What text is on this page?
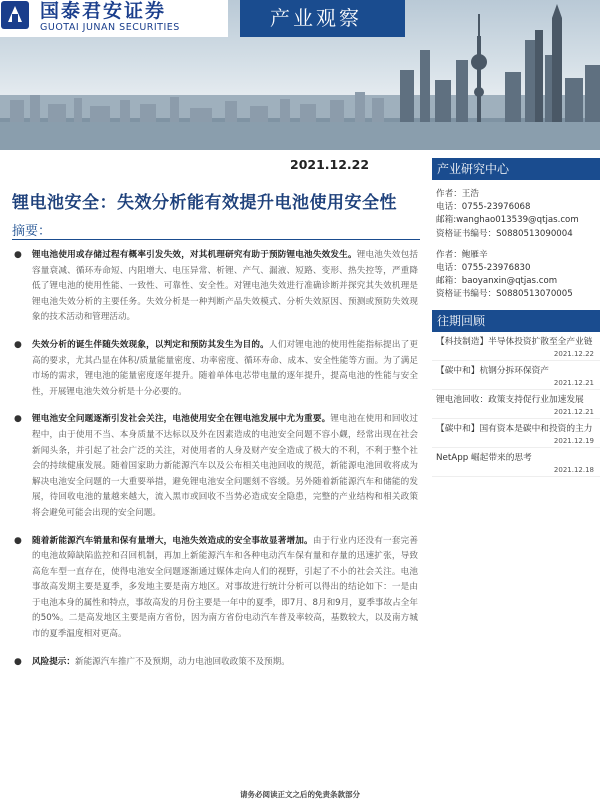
国泰君安证券
GUOTAI JUNAN SECURITIES	产业观察
2021.12.22
锂电池安全：失效分析能有效提升电池使用安全性
摘要：
● 锂电池使用或存储过程有概率引发失效，对其机理研究有助于预防锂电池失效发生。锂电池失效包括容量衰减、循环寿命短、内阻增大、电压异常、析锂、产气、漏液、短路、变形、热失控等，严重降低了锂电池的使用性能、一致性、可靠性、安全性。对锂电池失效进行准确诊断并探究其失效机理是锂电池失效分析的主要任务。失效分析是一种判断产品失效模式、分析失效原因、预测或预防失效现象的技术活动和管理活动。
● 失效分析的诞生伴随失效现象，以判定和预防其发生为目的。人们对锂电池的使用性能指标提出了更高的要求，尤其凸显在体积/质量能量密度、功率密度、循环寿命、成本、安全性能等方面。为了满足市场的需求，锂电池的能量密度逐年提升。随着单体电芯带电量的逐年提升，提高电池的性能与安全性，开展锂电池失效分析是十分必要的。
● 锂电池安全问题逐渐引发社会关注，电池使用安全在锂电池发展中尤为重要。锂电池在使用和回收过程中，由于使用不当、本身质量不达标以及外在因素造成的电池安全问题不容小觑，经常出现在社会新闻头条，并引起了社会广泛的关注，对使用者的人身及财产安全造成了极大的不利，不利于整个社会的持续健康发展。随着国家助力新能源汽车以及公布相关电池回收的规范，新能源电池回收将成为解决电池安全问题的一大重要举措，避免锂电池安全问题刻不容缓。另外随着新能源汽车和储能的发展，待回收电池的量越来越大，流入黑市或回收不当势必造成安全隐患，完整的产业结构和相关政策将会避免可能会出现的安全问题。
● 随着新能源汽车销量和保有量增大，电池失效造成的安全事故显著增加。由于行业内还没有一套完善的电池故障缺陷监控和召回机制，再加上新能源汽车和各种电动汽车保有量和存量的迅速扩张，导致高危车型一直存在，使得电池安全问题逐渐通过媒体走向人们的视野，引起了不小的社会关注。电池事故高发期主要是夏季，多发地主要是南方地区。对事故进行统计分析可以得出的结论如下：一是由于电池本身的属性和特点，事故高发的月份主要是一年中的夏季，即7月、8月和9月，夏季事故占全年的50%。二是高发地区主要是南方省份，因为南方省份电动汽车普及率较高，基数较大，以及南方城市的夏季温度相对更高。
● 风险提示：新能源汽车推广不及预期，动力电池回收政策不及预期。
产业研究中心
作者：王浩
电话：0755-23976068
邮箱:wanghao013539@qtjas.com
资格证书编号：S0880513090004
作者：鲍雁辛
电话：0755-23976830
邮箱：baoyanxin@qtjas.com
资格证书编号：S0880513070005
往期回顾
【科技制造】半导体投资扩散至全产业链
2021.12.22
【碳中和】杭钢分拆环保资产
2021.12.21
锂电池回收：政策支持促行业加速发展
2021.12.21
【碳中和】国有资本是碳中和投资的主力
2021.12.19
NetApp 崛起带来的思考
2021.12.18
请务必阅读正文之后的免责条款部分
